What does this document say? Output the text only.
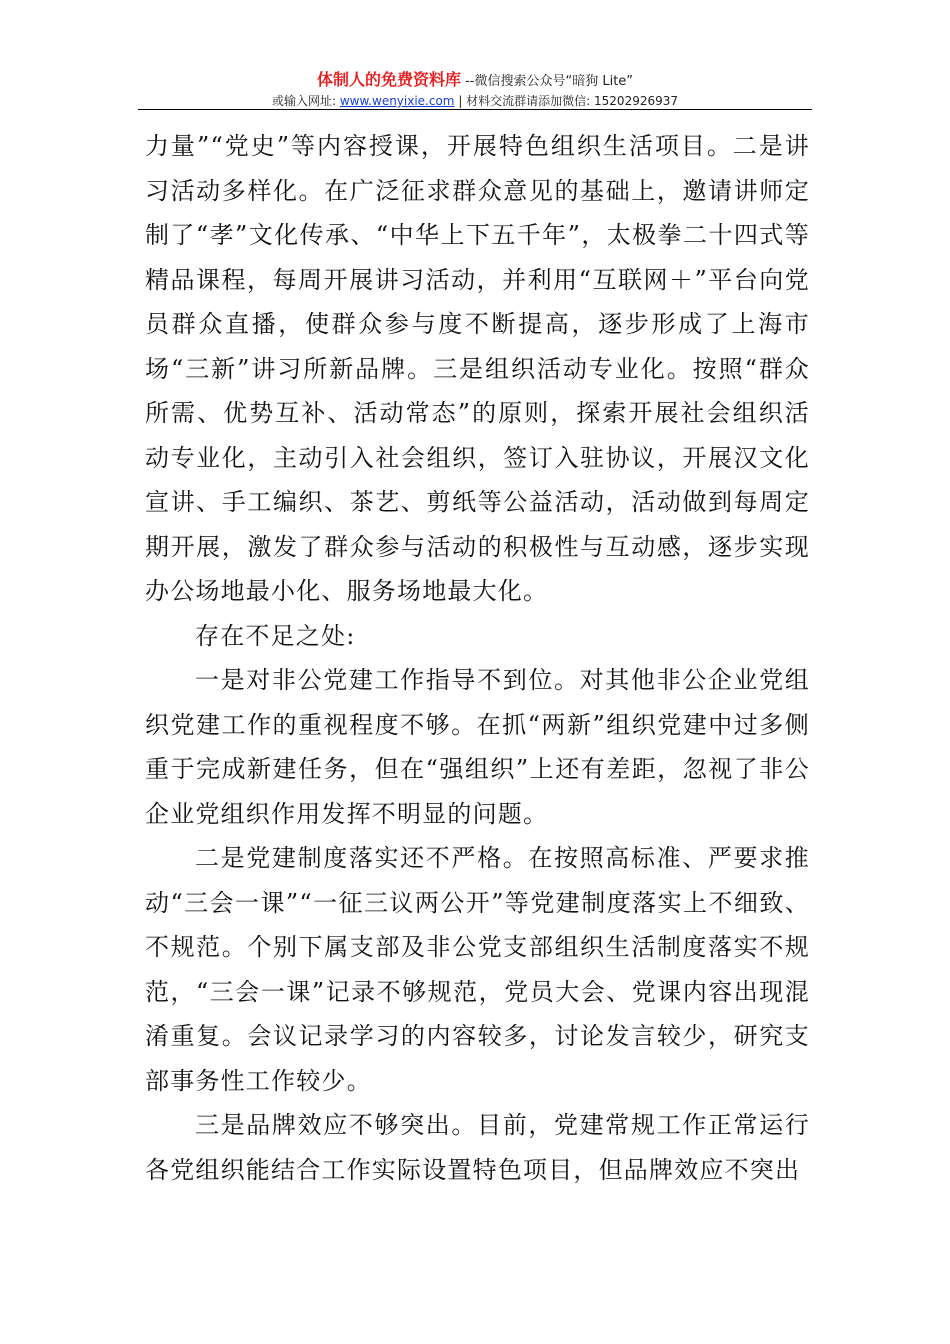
体制人的免费资料库 --微信搜索公众号“暗狗 Lite”
或输入网址: www.wenyixie.com | 材料交流群请添加微信: 15202926937

力量”“党史”等内容授课，开展特色组织生活项目。二是讲习活动多样化。在广泛征求群众意见的基础上，邀请讲师定制了“孝”文化传承、“中华上下五千年”，太极拳二十四式等精品课程，每周开展讲习活动，并利用“互联网＋”平台向党员群众直播，使群众参与度不断提高，逐步形成了上海市场“三新”讲习所新品牌。三是组织活动专业化。按照“群众所需、优势互补、活动常态”的原则，探索开展社会组织活动专业化，主动引入社会组织，签订入驻协议，开展汉文化宣讲、手工编织、茶艺、剪纸等公益活动，活动做到每周定期开展，激发了群众参与活动的积极性与互动感，逐步实现办公场地最小化、服务场地最大化。

存在不足之处:

一是对非公党建工作指导不到位。对其他非公企业党组织党建工作的重视程度不够。在抓“两新”组织党建中过多侧重于完成新建任务，但在“强组织”上还有差距，忽视了非公企业党组织作用发挥不明显的问题。

二是党建制度落实还不严格。在按照高标准、严要求推动“三会一课”“一征三议两公开”等党建制度落实上不细致、不规范。个别下属支部及非公党支部组织生活制度落实不规范，“三会一课”记录不够规范，党员大会、党课内容出现混淆重复。会议记录学习的内容较多，讨论发言较少，研究支部事务性工作较少。

三是品牌效应不够突出。目前，党建常规工作正常运行各党组织能结合工作实际设置特色项目，但品牌效应不突出
